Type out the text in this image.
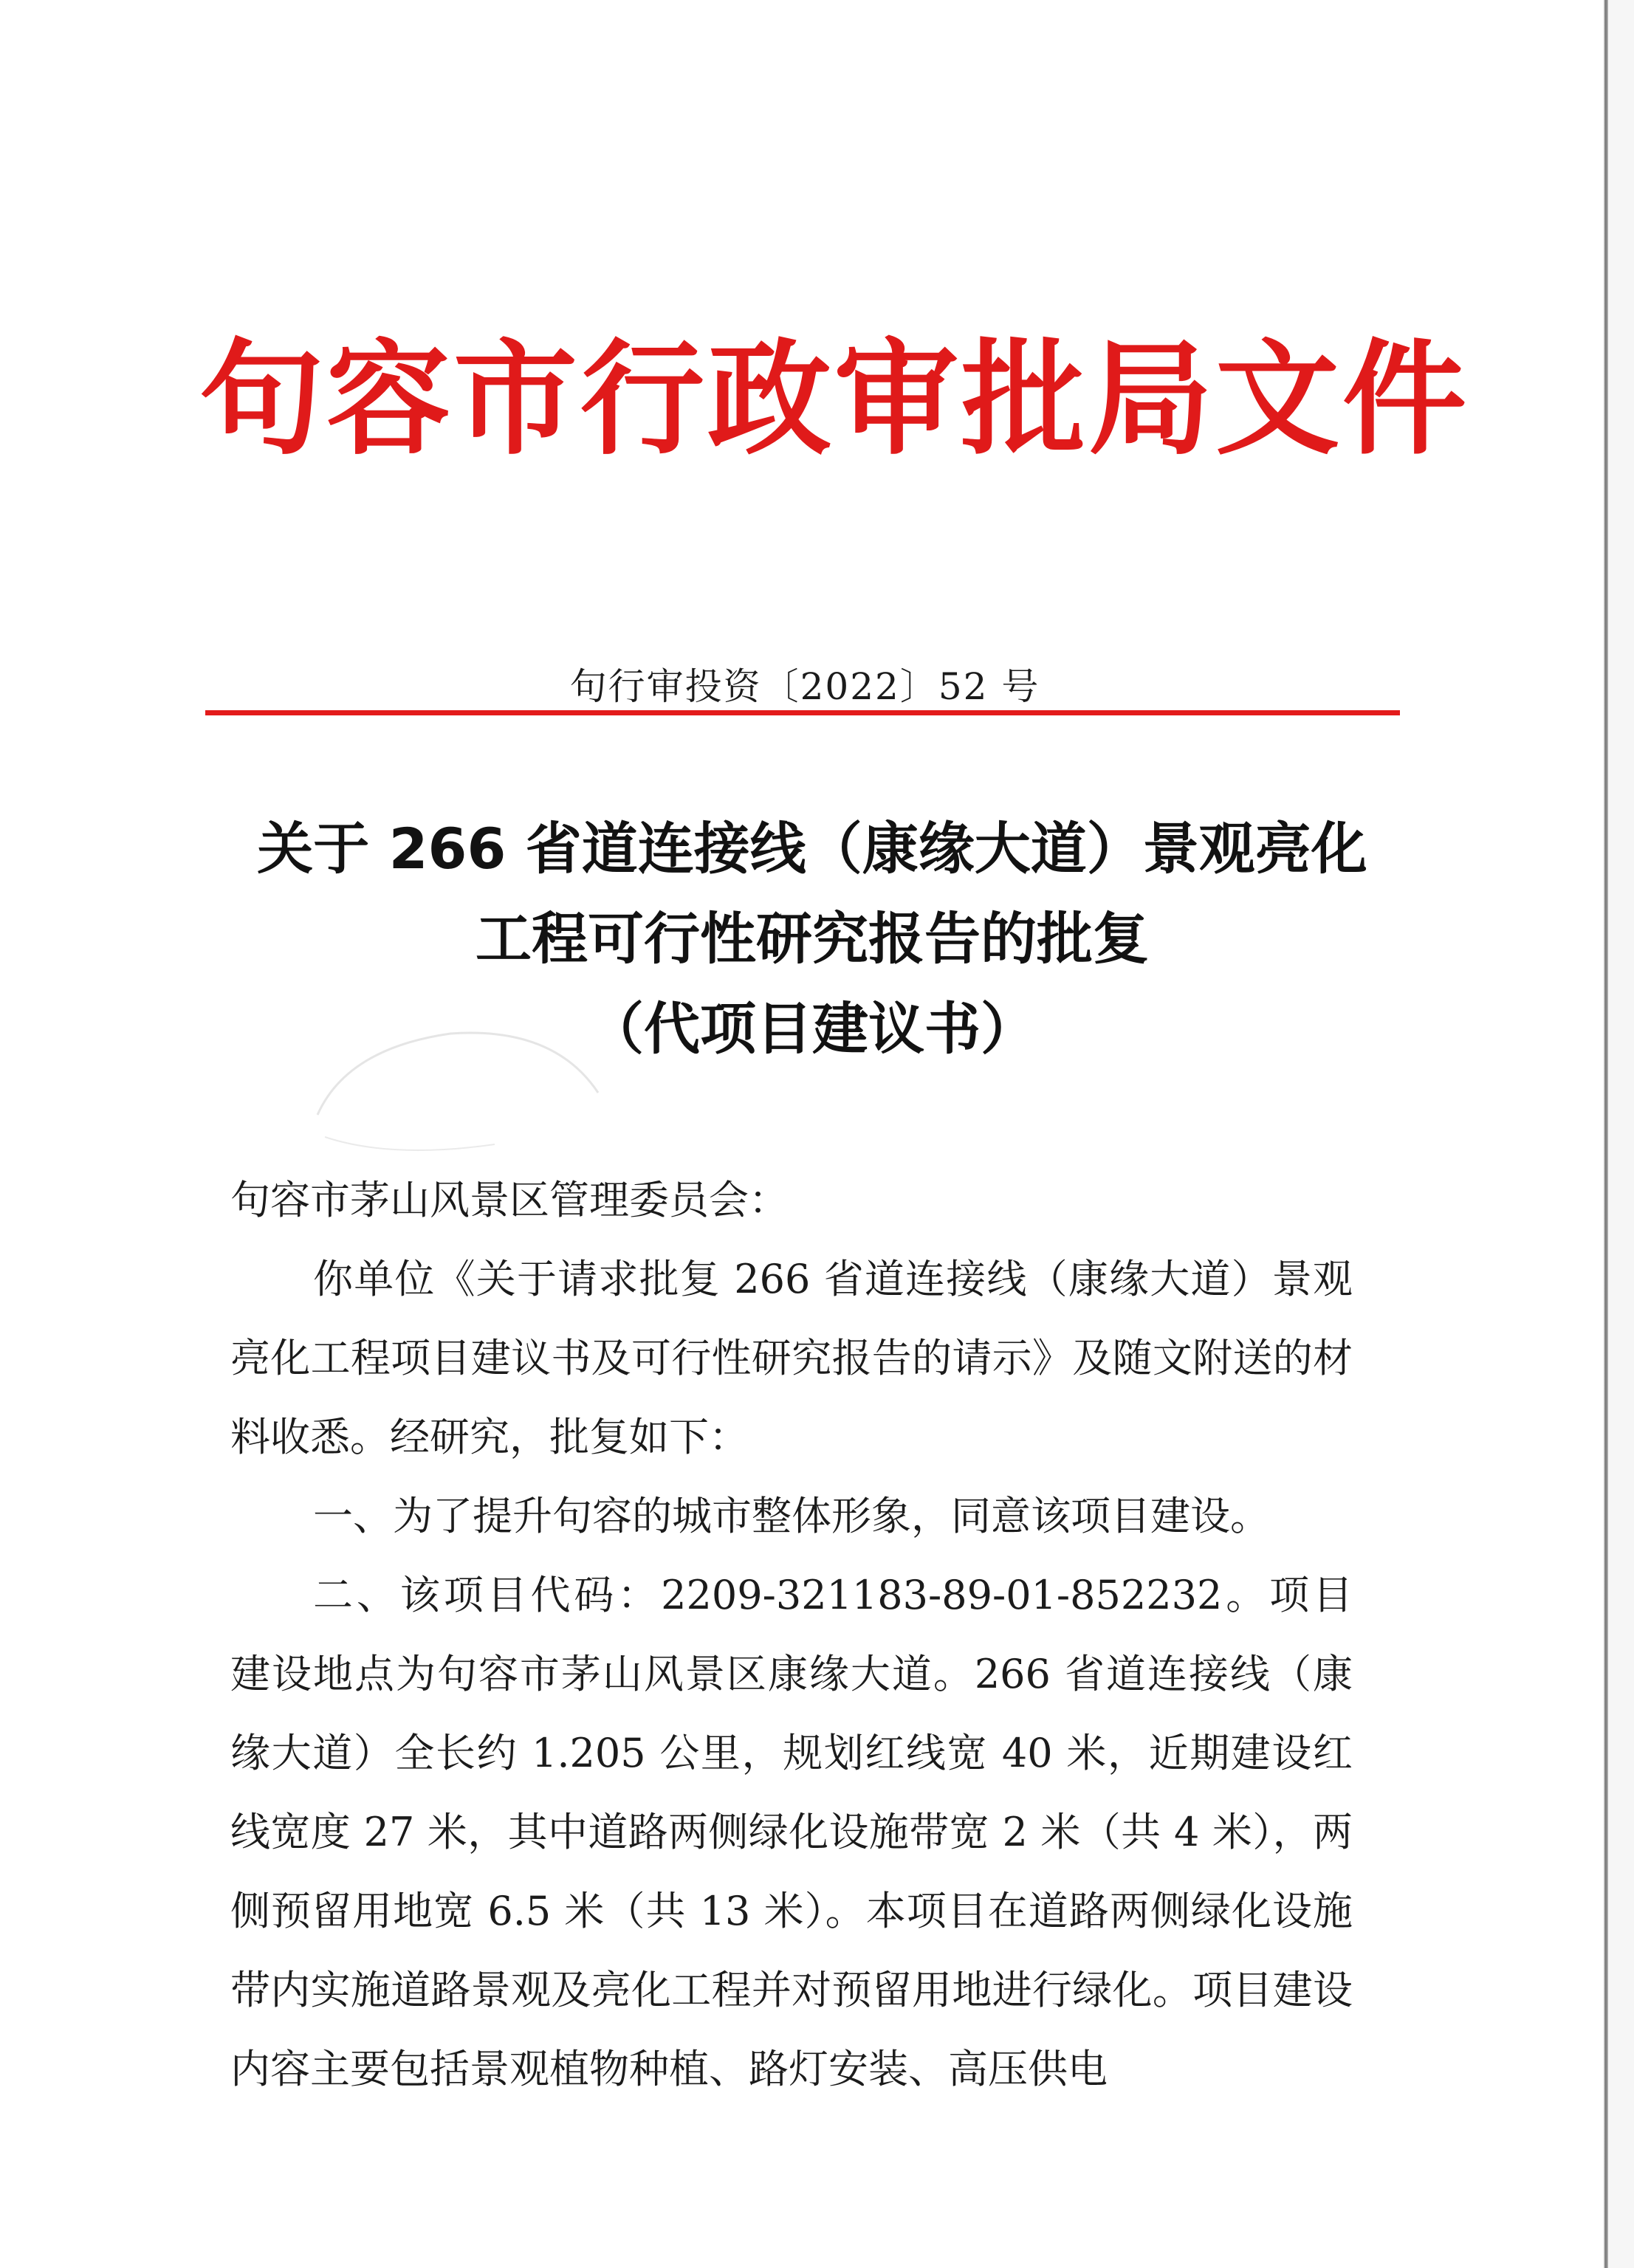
句容市行政审批局文件
句行审投资〔2022〕52 号
关于 266 省道连接线（康缘大道）景观亮化
工程可行性研究报告的批复
（代项目建议书）
句容市茅山风景区管理委员会：

你单位《关于请求批复 266 省道连接线（康缘大道）景观亮化工程项目建议书及可行性研究报告的请示》及随文附送的材料收悉。经研究，批复如下：

一、为了提升句容的城市整体形象，同意该项目建设。

二、该项目代码：2209-321183-89-01-852232。项目建设地点为句容市茅山风景区康缘大道。266 省道连接线（康缘大道）全长约 1.205 公里，规划红线宽 40 米，近期建设红线宽度 27 米，其中道路两侧绿化设施带宽 2 米（共 4 米），两侧预留用地宽 6.5 米（共 13 米）。本项目在道路两侧绿化设施带内实施道路景观及亮化工程并对预留用地进行绿化。项目建设内容主要包括景观植物种植、路灯安装、高压供电
